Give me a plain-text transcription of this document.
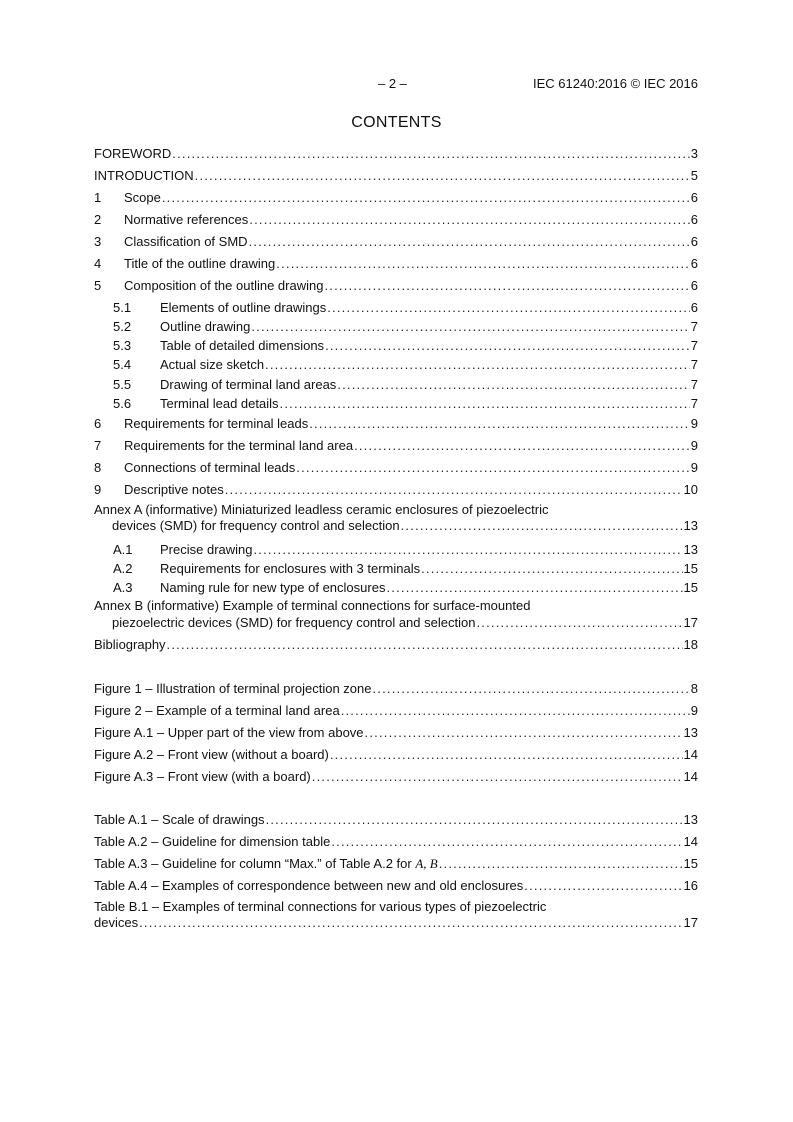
– 2 –	IEC 61240:2016 © IEC 2016
CONTENTS
FOREWORD .....	3
INTRODUCTION .....	5
1	Scope .....	6
2	Normative references .....	6
3	Classification of SMD .....	6
4	Title of the outline drawing .....	6
5	Composition of the outline drawing .....	6
5.1	Elements of outline drawings .....	6
5.2	Outline drawing .....	7
5.3	Table of detailed dimensions .....	7
5.4	Actual size sketch .....	7
5.5	Drawing of terminal land areas .....	7
5.6	Terminal lead details .....	7
6	Requirements for terminal leads .....	9
7	Requirements for the terminal land area .....	9
8	Connections of terminal leads .....	9
9	Descriptive notes .....	10
Annex A (informative) Miniaturized leadless ceramic enclosures of piezoelectric
devices (SMD) for frequency control and selection .....	13
A.1	Precise drawing .....	13
A.2	Requirements for enclosures with 3 terminals .....	15
A.3	Naming rule for new type of enclosures .....	15
Annex B (informative) Example of terminal connections for surface-mounted
piezoelectric devices (SMD) for frequency control and selection .....	17
Bibliography .....	18
Figure 1 – Illustration of terminal projection zone .....	8
Figure 2 – Example of a terminal land area .....	9
Figure A.1 – Upper part of the view from above .....	13
Figure A.2 – Front view (without a board) .....	14
Figure A.3 – Front view (with a board) .....	14
Table A.1 – Scale of drawings .....	13
Table A.2 – Guideline for dimension table .....	14
Table A.3 – Guideline for column “Max.” of Table A.2 for
A, B .....	15
Table A.4 – Examples of correspondence between new and old enclosures .....	16
Table B.1 – Examples of terminal connections for various types of piezoelectric
devices .....	17
